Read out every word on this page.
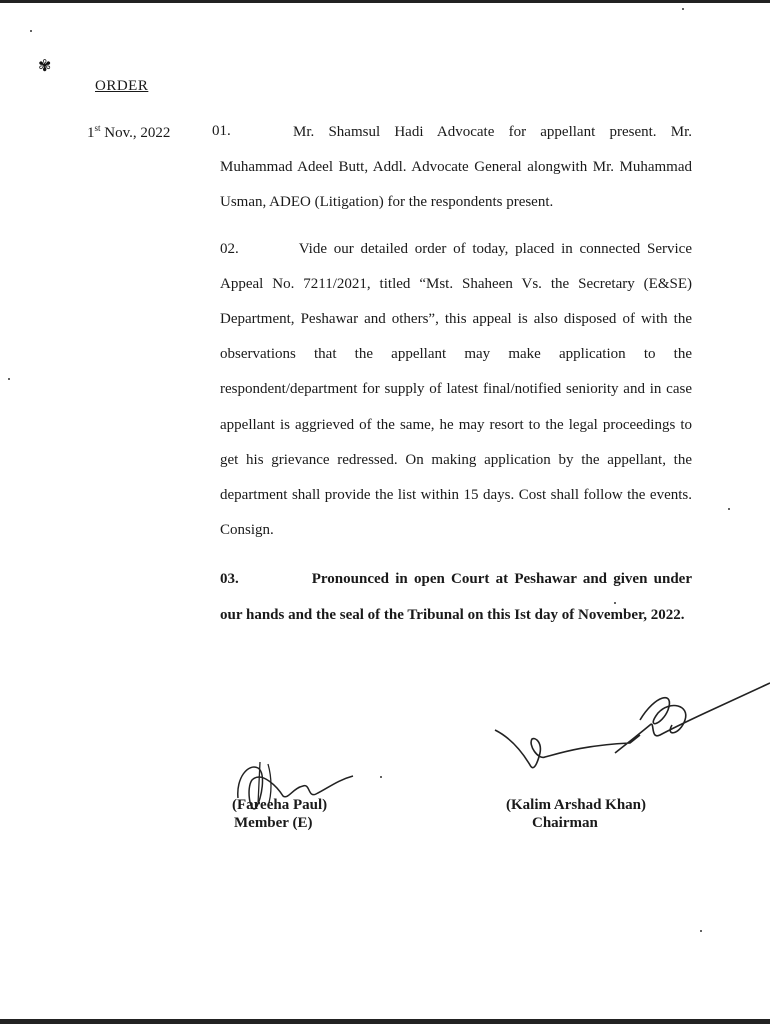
✾
ORDER
1st Nov., 2022	01.	Mr. Shamsul Hadi Advocate for appellant present. Mr. Muhammad Adeel Butt, Addl. Advocate General alongwith Mr. Muhammad Usman, ADEO (Litigation) for the respondents present.

02.	Vide our detailed order of today, placed in connected Service Appeal No. 7211/2021, titled “Mst. Shaheen Vs. the Secretary (E&SE) Department, Peshawar and others”, this appeal is also disposed of with the observations that the appellant may make application to the respondent/department for supply of latest final/notified seniority and in case appellant is aggrieved of the same, he may resort to the legal proceedings to get his grievance redressed. On making application by the appellant, the department shall provide the list within 15 days. Cost shall follow the events. Consign.

03.	Pronounced in open Court at Peshawar and given under our hands and the seal of the Tribunal on this Ist day of November, 2022.

(Fareeha Paul)
Member (E)
(Kalim Arshad Khan)
Chairman
